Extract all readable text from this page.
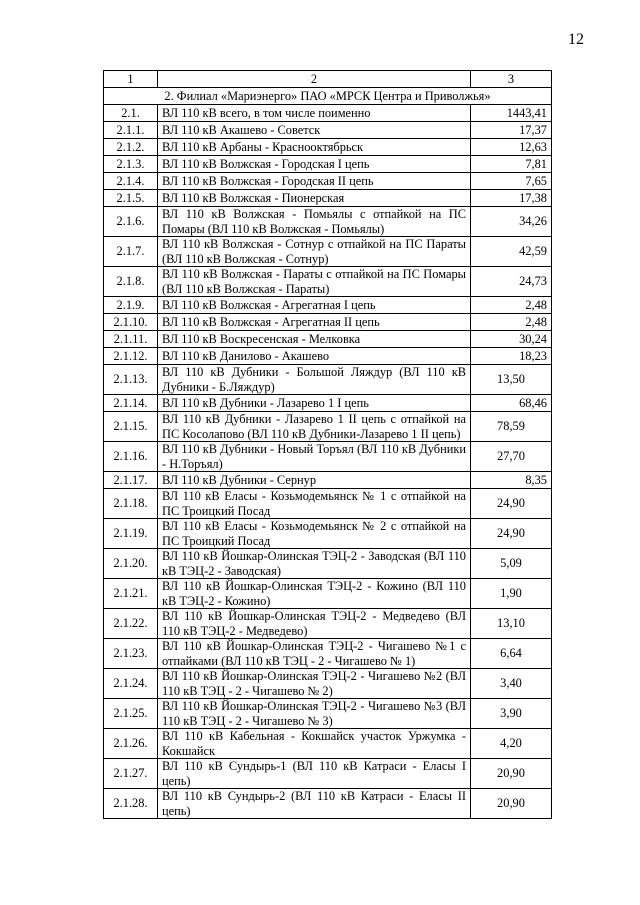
12
1	2	3
2. Филиал «Мариэнерго» ПАО «МРСК Центра и Приволжья»		
2.1.	ВЛ 110 кВ всего, в том числе поименно	1443,41
2.1.1.	ВЛ 110 кВ Акашево - Советск	17,37
2.1.2.	ВЛ 110 кВ Арбаны - Краснооктябрьск	12,63
2.1.3.	ВЛ 110 кВ Волжская - Городская I цепь	7,81
2.1.4.	ВЛ 110 кВ Волжская - Городская II цепь	7,65
2.1.5.	ВЛ 110 кВ Волжская - Пионерская	17,38
2.1.6.	ВЛ 110 кВ Волжская - Помьялы с отпайкой на ПС Помары (ВЛ 110 кВ Волжская - Помьялы)	34,26
2.1.7.	ВЛ 110 кВ Волжская - Сотнур с отпайкой на ПС Параты (ВЛ 110 кВ Волжская - Сотнур)	42,59
2.1.8.	ВЛ 110 кВ Волжская - Параты с отпайкой на ПС Помары (ВЛ 110 кВ Волжская - Параты)	24,73
2.1.9.	ВЛ 110 кВ Волжская - Агрегатная I цепь	2,48
2.1.10.	ВЛ 110 кВ Волжская - Агрегатная II цепь	2,48
2.1.11.	ВЛ 110 кВ Воскресенская - Мелковка	30,24
2.1.12.	ВЛ 110 кВ Данилово - Акашево	18,23
2.1.13.	ВЛ 110 кВ Дубники - Большой Ляждур (ВЛ 110 кВ Дубники - Б.Ляждур)	13,50
2.1.14.	ВЛ 110 кВ Дубники - Лазарево 1 I цепь	68,46
2.1.15.	ВЛ 110 кВ Дубники - Лазарево 1 II цепь с отпайкой на ПС Косолапово (ВЛ 110 кВ Дубники-Лазарево 1 II цепь)	78,59
2.1.16.	ВЛ 110 кВ Дубники - Новый Торъял (ВЛ 110 кВ Дубники - Н.Торъял)	27,70
2.1.17.	ВЛ 110 кВ Дубники - Сернур	8,35
2.1.18.	ВЛ 110 кВ Еласы - Козьмодемьянск № 1 с отпайкой на ПС Троицкий Посад	24,90
2.1.19.	ВЛ 110 кВ Еласы - Козьмодемьянск № 2 с отпайкой на ПС Троицкий Посад	24,90
2.1.20.	ВЛ 110 кВ Йошкар-Олинская ТЭЦ-2 - Заводская (ВЛ 110 кВ ТЭЦ-2 - Заводская)	5,09
2.1.21.	ВЛ 110 кВ Йошкар-Олинская ТЭЦ-2 - Кожино (ВЛ 110 кВ ТЭЦ-2 - Кожино)	1,90
2.1.22.	ВЛ 110 кВ Йошкар-Олинская ТЭЦ-2 - Медведево (ВЛ 110 кВ ТЭЦ-2 - Медведево)	13,10
2.1.23.	ВЛ 110 кВ Йошкар-Олинская ТЭЦ-2 - Чигашево №1 с отпайками (ВЛ 110 кВ ТЭЦ - 2 - Чигашево № 1)	6,64
2.1.24.	ВЛ 110 кВ Йошкар-Олинская ТЭЦ-2 - Чигашево №2 (ВЛ 110 кВ ТЭЦ - 2 - Чигашево № 2)	3,40
2.1.25.	ВЛ 110 кВ Йошкар-Олинская ТЭЦ-2 - Чигашево №3 (ВЛ 110 кВ ТЭЦ - 2 - Чигашево № 3)	3,90
2.1.26.	ВЛ 110 кВ Кабельная - Кокшайск участок Уржумка - Кокшайск	4,20
2.1.27.	ВЛ 110 кВ Сундырь-1 (ВЛ 110 кВ Катраси - Еласы I цепь)	20,90
2.1.28.	ВЛ 110 кВ Сундырь-2 (ВЛ 110 кВ Катраси - Еласы II цепь)	20,90
